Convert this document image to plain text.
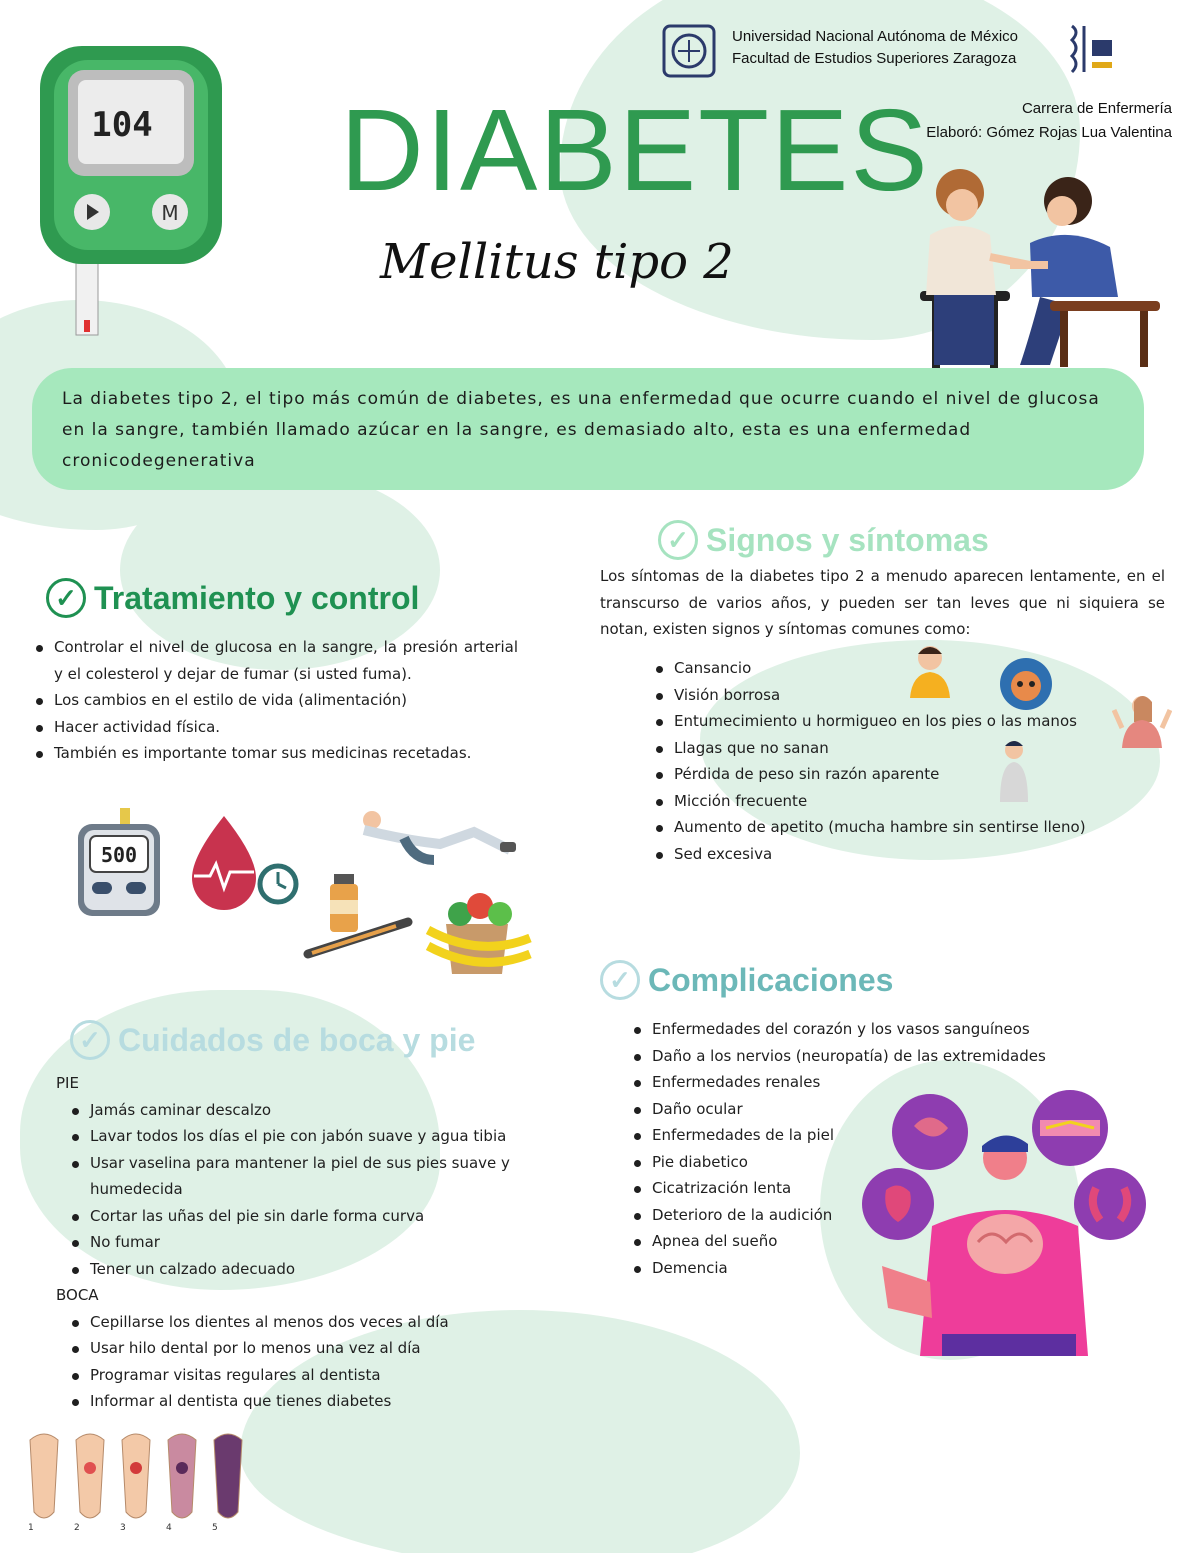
104
M
Universidad Nacional Autónoma de México
Facultad de Estudios Superiores Zaragoza
Carrera de Enfermería
Elaboró: Gómez Rojas Lua Valentina
DIABETES
Mellitus tipo 2
La diabetes tipo 2, el tipo más común de diabetes, es una enfermedad que ocurre cuando el nivel de glucosa en la sangre, también llamado azúcar en la sangre, es demasiado alto, esta es una enfermedad cronicodegenerativa
✓ Signos y síntomas
Los síntomas de la diabetes tipo 2 a menudo aparecen lentamente, en el transcurso de varios años, y pueden ser tan leves que ni siquiera se notan, existen signos y síntomas comunes como:
Cansancio
Visión borrosa
Entumecimiento u hormigueo en los pies o las manos
Llagas que no sanan
Pérdida de peso sin razón aparente
Micción frecuente
Aumento de apetito (mucha hambre sin sentirse lleno)
Sed excesiva
✓ Tratamiento y control
Controlar el nivel de glucosa en la sangre, la presión arterial y el colesterol y dejar de fumar (si usted fuma).
Los cambios en el estilo de vida (alimentación)
Hacer actividad física.
También es importante tomar sus medicinas recetadas.
500
✓ Complicaciones
Enfermedades del corazón y los vasos sanguíneos
Daño a los nervios (neuropatía) de las extremidades
Enfermedades renales
Daño ocular
Enfermedades de la piel
Pie diabetico
Cicatrización lenta
Deterioro de la audición
Apnea del sueño
Demencia
✓ Cuidados de boca y pie
PIE
Jamás caminar descalzo
Lavar todos los días el pie con jabón suave y agua tibia
Usar vaselina para mantener la piel de sus pies suave y humedecida
Cortar las uñas del pie sin darle forma curva
No fumar
Tener un calzado adecuado
BOCA
Cepillarse los dientes al menos dos veces al día
Usar hilo dental por lo menos una vez al día
Programar visitas regulares al dentista
Informar al dentista que tienes diabetes
1	2	3	4	5
